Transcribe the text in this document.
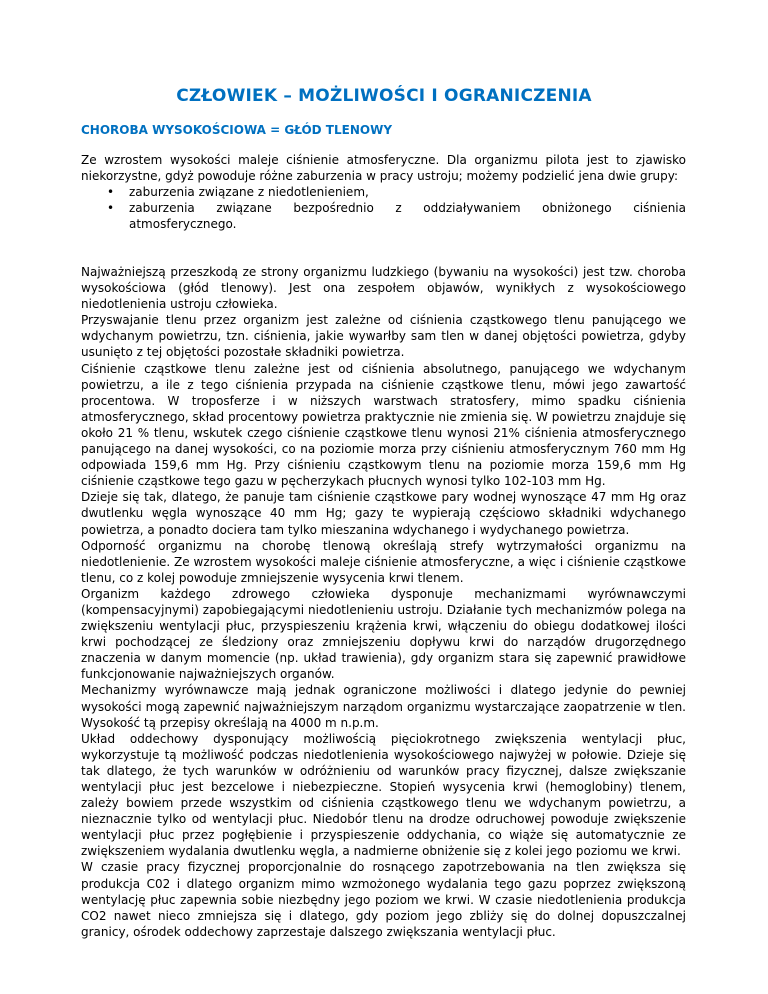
CZŁOWIEK – MOŻLIWOŚCI I OGRANICZENIA
CHOROBA WYSOKOŚCIOWA = GŁÓD TLENOWY

Ze wzrostem wysokości maleje ciśnienie atmosferyczne. Dla organizmu pilota jest to zjawisko niekorzystne, gdyż powoduje różne zaburzenia w pracy ustroju; możemy podzielić jena dwie grupy:

• zaburzenia związane z niedotlenieniem,
• zaburzenia związane bezpośrednio z oddziaływaniem obniżonego ciśnienia atmosferycznego.

Najważniejszą przeszkodą ze strony organizmu ludzkiego (bywaniu na wysokości) jest tzw. choroba wysokościowa (głód tlenowy). Jest ona zespołem objawów, wynikłych z wysokościowego niedotlenienia ustroju człowieka.

Przyswajanie tlenu przez organizm jest zależne od ciśnienia cząstkowego tlenu panującego we wdychanym powietrzu, tzn. ciśnienia, jakie wywarłby sam tlen w danej objętości powietrza, gdyby usunięto z tej objętości pozostałe składniki powietrza.

Ciśnienie cząstkowe tlenu zależne jest od ciśnienia absolutnego, panującego we wdychanym powietrzu, a ile z tego ciśnienia przypada na ciśnienie cząstkowe tlenu, mówi jego zawartość procentowa. W troposferze i w niższych warstwach stratosfery, mimo spadku ciśnienia atmosferycznego, skład procentowy powietrza praktycznie nie zmienia się. W powietrzu znajduje się około 21 % tlenu, wskutek czego ciśnienie cząstkowe tlenu wynosi 21% ciśnienia atmosferycznego panującego na danej wysokości, co na poziomie morza przy ciśnieniu atmosferycznym 760 mm Hg odpowiada 159,6 mm Hg. Przy ciśnieniu cząstkowym tlenu na poziomie morza 159,6 mm Hg ciśnienie cząstkowe tego gazu w pęcherzykach płucnych wynosi tylko 102-103 mm Hg.

Dzieje się tak, dlatego, że panuje tam ciśnienie cząstkowe pary wodnej wynoszące 47 mm Hg oraz dwutlenku węgla wynoszące 40 mm Hg; gazy te wypierają częściowo składniki wdychanego powietrza, a ponadto dociera tam tylko mieszanina wdychanego i wydychanego powietrza.

Odporność organizmu na chorobę tlenową określają strefy wytrzymałości organizmu na niedotlenienie. Ze wzrostem wysokości maleje ciśnienie atmosferyczne, a więc i ciśnienie cząstkowe tlenu, co z kolej powoduje zmniejszenie wysycenia krwi tlenem.

Organizm każdego zdrowego człowieka dysponuje mechanizmami wyrównawczymi (kompensacyjnymi) zapobiegającymi niedotlenieniu ustroju. Działanie tych mechanizmów polega na zwiększeniu wentylacji płuc, przyspieszeniu krążenia krwi, włączeniu do obiegu dodatkowej ilości krwi pochodzącej ze śledziony oraz zmniejszeniu dopływu krwi do narządów drugorzędnego znaczenia w danym momencie (np. układ trawienia), gdy organizm stara się zapewnić prawidłowe funkcjonowanie najważniejszych organów.

Mechanizmy wyrównawcze mają jednak ograniczone możliwości i dlatego jedynie do pewniej wysokości mogą zapewnić najważniejszym narządom organizmu wystarczające zaopatrzenie w tlen. Wysokość tą przepisy określają na 4000 m n.p.m.

Układ oddechowy dysponujący możliwością pięciokrotnego zwiększenia wentylacji płuc, wykorzystuje tą możliwość podczas niedotlenienia wysokościowego najwyżej w połowie. Dzieje się tak dlatego, że tych warunków w odróżnieniu od warunków pracy fizycznej, dalsze zwiększanie wentylacji płuc jest bezcelowe i niebezpieczne. Stopień wysycenia krwi (hemoglobiny) tlenem, zależy bowiem przede wszystkim od ciśnienia cząstkowego tlenu we wdychanym powietrzu, a nieznacznie tylko od wentylacji płuc. Niedobór tlenu na drodze odruchowej powoduje zwiększenie wentylacji płuc przez pogłębienie i przyspieszenie oddychania, co wiąże się automatycznie ze zwiększeniem wydalania dwutlenku węgla, a nadmierne obniżenie się z kolei jego poziomu we krwi.

W czasie pracy fizycznej proporcjonalnie do rosnącego zapotrzebowania na tlen zwiększa się produkcja C02 i dlatego organizm mimo wzmożonego wydalania tego gazu poprzez zwiększoną wentylację płuc zapewnia sobie niezbędny jego poziom we krwi. W czasie niedotlenienia produkcja CO2 nawet nieco zmniejsza się i dlatego, gdy poziom jego zbliży się do dolnej dopuszczalnej granicy, ośrodek oddechowy zaprzestaje dalszego zwiększania wentylacji płuc.
